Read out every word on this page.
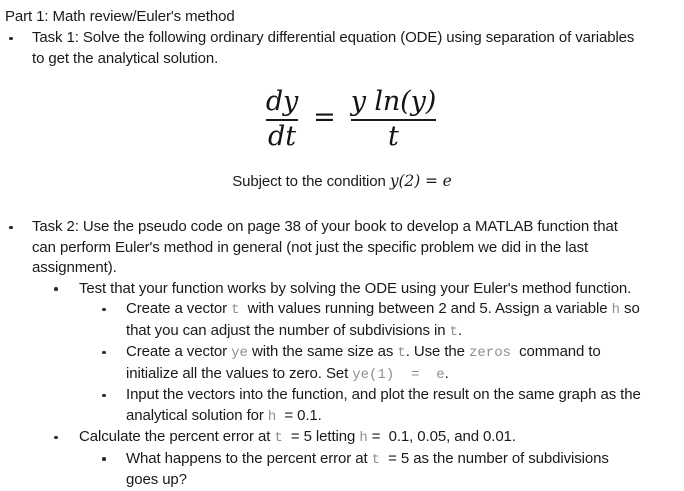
Part 1: Math review/Euler's method
Task 1: Solve the following ordinary differential equation (ODE) using separation of variables
to get the analytical solution.
$\frac{dy}{dt} = \frac{\text{y ln(y)}}{t}$
Subject to the condition y(2) = e
Task 2: Use the pseudo code on page 38 of your book to develop a MATLAB function that
can perform Euler's method in general (not just the specific problem we did in the last
assignment).
Test that your function works by solving the ODE using your Euler's method function.
Create a vector t  with values running between 2 and 5. Assign a variable h so
that you can adjust the number of subdivisions in t.
Create a vector ye with the same size as t. Use the zeros  command to
initialize all the values to zero. Set ye(1)  =  e.
Input the vectors into the function, and plot the result on the same graph as the
analytical solution for h  = 0.1.
Calculate the percent error at t  = 5 letting h =  0.1, 0.05, and 0.01.
What happens to the percent error at t  = 5 as the number of subdivisions
goes up?
